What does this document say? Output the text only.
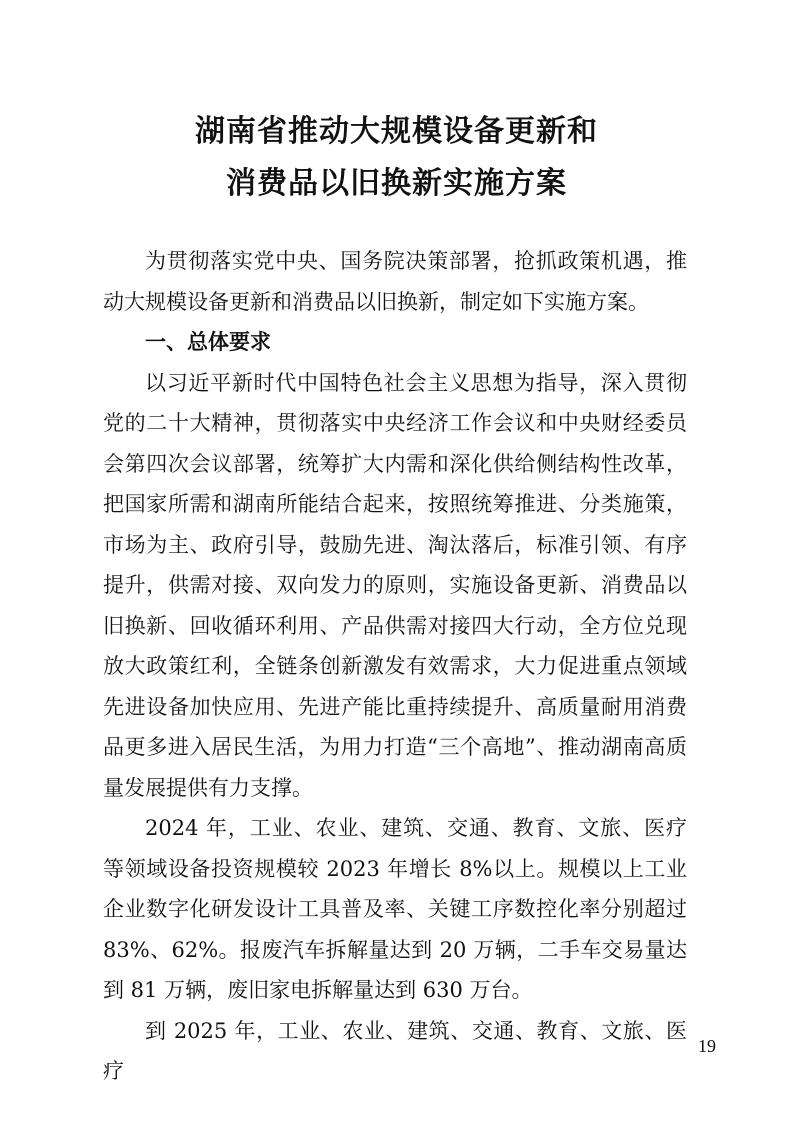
湖南省推动大规模设备更新和
消费品以旧换新实施方案

为贯彻落实党中央、国务院决策部署，抢抓政策机遇，推动大规模设备更新和消费品以旧换新，制定如下实施方案。

一、总体要求

以习近平新时代中国特色社会主义思想为指导，深入贯彻党的二十大精神，贯彻落实中央经济工作会议和中央财经委员会第四次会议部署，统筹扩大内需和深化供给侧结构性改革，把国家所需和湖南所能结合起来，按照统筹推进、分类施策，市场为主、政府引导，鼓励先进、淘汰落后，标准引领、有序提升，供需对接、双向发力的原则，实施设备更新、消费品以旧换新、回收循环利用、产品供需对接四大行动，全方位兑现放大政策红利，全链条创新激发有效需求，大力促进重点领域先进设备加快应用、先进产能比重持续提升、高质量耐用消费品更多进入居民生活，为用力打造“三个高地”、推动湖南高质量发展提供有力支撑。

2024 年，工业、农业、建筑、交通、教育、文旅、医疗等领域设备投资规模较 2023 年增长 8%以上。规模以上工业企业数字化研发设计工具普及率、关键工序数控化率分别超过 83%、62%。报废汽车拆解量达到 20 万辆，二手车交易量达到 81 万辆，废旧家电拆解量达到 630 万台。

到 2025 年，工业、农业、建筑、交通、教育、文旅、医疗

19
